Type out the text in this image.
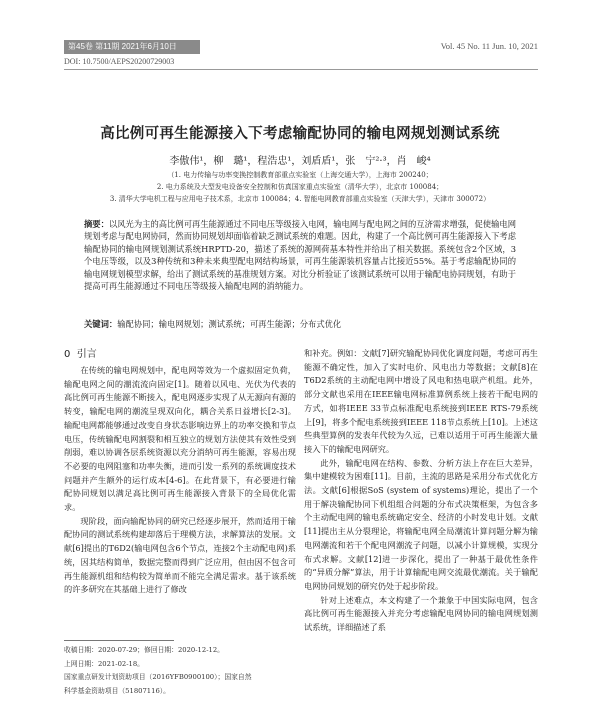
第45卷 第11期 2021年6月10日	Vol. 45 No. 11 Jun. 10, 2021
DOI: 10.7500/AEPS20200729003
高比例可再生能源接入下考虑输配协同的输电网规划测试系统
李傲伟¹，柳　璐¹，程浩忠¹，刘盾盾¹，张　宁²·³，肖　峻⁴
（1. 电力传输与功率变换控制教育部重点实验室（上海交通大学），上海市 200240；
2. 电力系统及大型发电设备安全控制和仿真国家重点实验室（清华大学），北京市 100084；
3. 清华大学电机工程与应用电子技术系，北京市 100084；4. 智能电网教育部重点实验室（天津大学），天津市 300072）
摘要：以风光为主的高比例可再生能源通过不同电压等级接入电网，输电网与配电网之间的互济需求增强，促使输电网规划考虑与配电网协同，然而协同规划却面临着缺乏测试系统的难题。因此，构建了一个高比例可再生能源接入下考虑输配协同的输电网规划测试系统HRPTD-20，描述了系统的源网荷基本特性并给出了相关数据。系统包含2个区域，3个电压等级，以及3种传统和3种未来典型配电网结构场景，可再生能源装机容量占比接近55%。基于考虑输配协同的输电网规划模型求解，给出了测试系统的基准规划方案。对比分析验证了该测试系统可以用于输配电协同规划，有助于提高可再生能源通过不同电压等级接入输配电网的消纳能力。
关键词：输配协同；输电网规划；测试系统；可再生能源；分布式优化
0 引言

在传统的输电网规划中，配电网等效为一个虚拟固定负荷，输配电网之间的潮流流向固定[1]。随着以风电、光伏为代表的高比例可再生能源不断接入，配电网逐步实现了从无源向有源的转变，输配电网的潮流呈现双向化，耦合关系日益增长[2-3]。输配电网都能够通过改变自身状态影响边界上的功率交换和节点电压，传统输配电网割裂和相互独立的规划方法使其有效性受到削弱，难以协调各层系统资源以充分消纳可再生能源，容易出现不必要的电网阻塞和功率失衡，进而引发一系列的系统调度技术问题并产生额外的运行成本[4-6]。在此背景下，有必要进行输配协同规划以满足高比例可再生能源接入背景下的全局优化需求。

现阶段，面向输配协同的研究已经逐步展开，然而适用于输配协同的测试系统构建却落后于理模方法，求解算法的发展。文献[6]提出的T6D2(输电网包含6个节点，连接2个主动配电网)系统，因其结构简单，数据完整而得到广泛应用，但由因不包含可再生能源机组和结构较为简单而不能完全满足需求。基于该系统的许多研究在其基础上进行了修改

和补充。例如：文献[7]研究输配协同优化调度问题，考虑可再生能源不确定性，加入了实时电价、风电出力等数据；文献[8]在T6D2系统的主动配电网中增设了风电和热电联产机组。此外，部分文献也采用在IEEE输电网标准算例系统上接若干配电网的方式，如将IEEE 33节点标准配电系统接到IEEE RTS-79系统上[9]，将多个配电系统接到IEEE 118节点系统上[10]。上述这些典型算例的发表年代较为久远，已难以适用于可再生能源大量接入下的输配电网研究。

此外，输配电网在结构、参数、分析方法上存在巨大差异，集中建模较为困难[11]。目前，主流的思路是采用分布式优化方法。文献[6]根据SoS (system of systems)理论，提出了一个用于解决输配协同下机组组合问题的分布式决策框架，为包含多个主动配电网的输电系统确定安全、经济的小时发电计划。文献[11]提出主从分裂理论，将输配电网全局潮流计算问题分解为输电网潮流和若干个配电网潮流子问题，以减小计算规模，实现分布式求解。文献[12]进一步深化，提出了一种基于最优性条件的“异质分解”算法，用于计算输配电网交流最优潮流。关于输配电网协同规划的研究仍处于起步阶段。

针对上述难点，本文构建了一个兼象于中国实际电网，包含高比例可再生能源接入并充分考虑输配电网协同的输电网规划测试系统，详细描述了系

收稿日期：2020-07-29；修回日期：2020-12-12。
上网日期：2021-02-18。
国家重点研发计划资助项目（2016YFB0900100）；国家自然
科学基金资助项目（51807116）。
